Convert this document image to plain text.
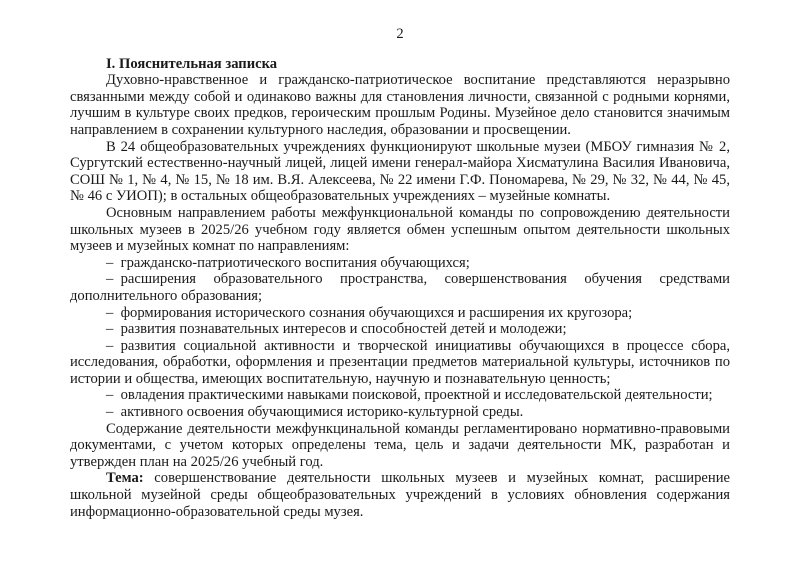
2

I. Пояснительная записка

Духовно-нравственное и гражданско-патриотическое воспитание представляются неразрывно связанными между собой и одинаково важны для становления личности, связанной с родными корнями, лучшим в культуре своих предков, героическим прошлым Родины. Музейное дело становится значимым направлением в сохранении культурного наследия, образовании и просвещении.

В 24 общеобразовательных учреждениях функционируют школьные музеи (МБОУ гимназия № 2, Сургутский естественно-научный лицей, лицей имени генерал-майора Хисматулина Василия Ивановича, СОШ № 1, № 4, № 15, № 18 им. В.Я. Алексеева, № 22 имени Г.Ф. Пономарева, № 29, № 32, № 44, № 45, № 46 с УИОП); в остальных общеобразовательных учреждениях – музейные комнаты.

Основным направлением работы межфункциональной команды по сопровождению деятельности школьных музеев в 2025/26 учебном году является обмен успешным опытом деятельности школьных музеев и музейных комнат по направлениям:

– гражданско-патриотического воспитания обучающихся;

– расширения образовательного пространства, совершенствования обучения средствами дополнительного образования;

– формирования исторического сознания обучающихся и расширения их кругозора;

– развития познавательных интересов и способностей детей и молодежи;

– развития социальной активности и творческой инициативы обучающихся в процессе сбора, исследования, обработки, оформления и презентации предметов материальной культуры, источников по истории и общества, имеющих воспитательную, научную и познавательную ценность;

– овладения практическими навыками поисковой, проектной и исследовательской деятельности;

– активного освоения обучающимися историко-культурной среды.

Содержание деятельности межфункцинальной команды регламентировано нормативно-правовыми документами, с учетом которых определены тема, цель и задачи деятельности МК, разработан и утвержден план на 2025/26 учебный год.

Тема: совершенствование деятельности школьных музеев и музейных комнат, расширение школьной музейной среды общеобразовательных учреждений в условиях обновления содержания информационно-образовательной среды музея.
